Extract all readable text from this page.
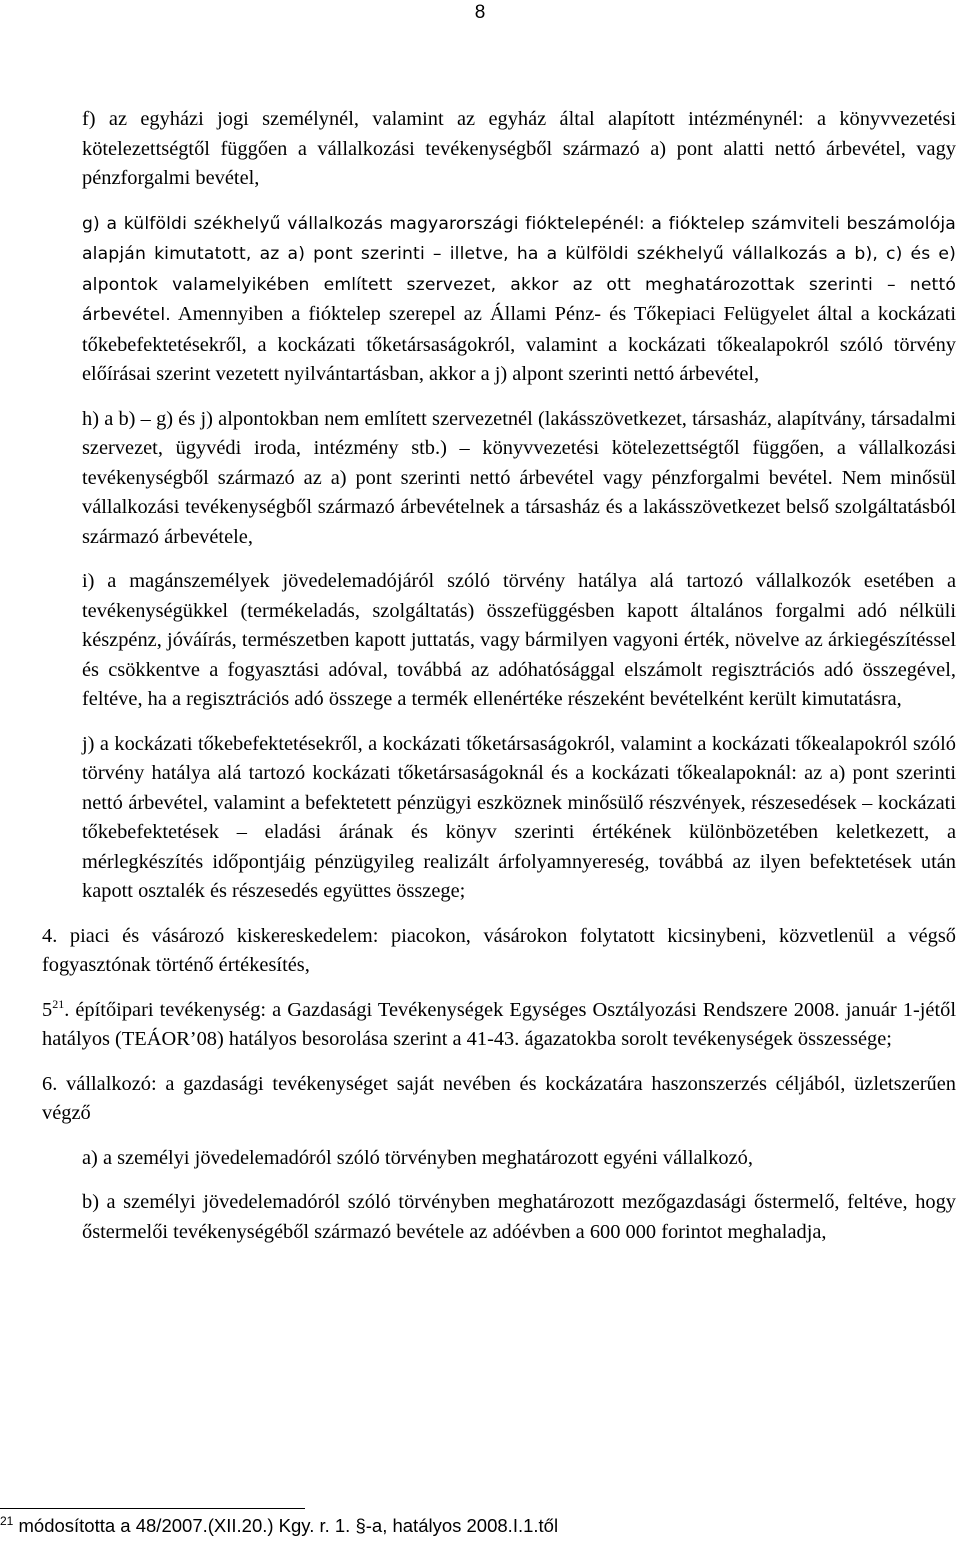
8

f) az egyházi jogi személynél, valamint az egyház által alapított intézménynél: a könyvvezetési kötelezettségtől függően a vállalkozási tevékenységből származó a) pont alatti nettó árbevétel, vagy pénzforgalmi bevétel,

g) a külföldi székhelyű vállalkozás magyarországi fióktelepénél: a fióktelep számviteli beszámolója alapján kimutatott, az a) pont szerinti – illetve, ha a külföldi székhelyű vállalkozás a b), c) és e) alpontok valamelyikében említett szervezet, akkor az ott meghatározottak szerinti – nettó árbevétel. Amennyiben a fióktelep szerepel az Állami Pénz- és Tőkepiaci Felügyelet által a kockázati tőkebefektetésekről, a kockázati tőketársaságokról, valamint a kockázati tőkealapokról szóló törvény előírásai szerint vezetett nyilvántartásban, akkor a j) alpont szerinti nettó árbevétel,

h) a b) – g) és j) alpontokban nem említett szervezetnél (lakásszövetkezet, társasház, alapítvány, társadalmi szervezet, ügyvédi iroda, intézmény stb.) – könyvvezetési kötelezettségtől függően, a vállalkozási tevékenységből származó az a) pont szerinti nettó árbevétel vagy pénzforgalmi bevétel. Nem minősül vállalkozási tevékenységből származó árbevételnek a társasház és a lakásszövetkezet belső szolgáltatásból származó árbevétele,

i) a magánszemélyek jövedelemadójáról szóló törvény hatálya alá tartozó vállalkozók esetében a tevékenységükkel (termékeladás, szolgáltatás) összefüggésben kapott általános forgalmi adó nélküli készpénz, jóváírás, természetben kapott juttatás, vagy bármilyen vagyoni érték, növelve az árkiegészítéssel és csökkentve a fogyasztási adóval, továbbá az adóhatósággal elszámolt regisztrációs adó összegével, feltéve, ha a regisztrációs adó összege a termék ellenértéke részeként bevételként került kimutatásra,

j) a kockázati tőkebefektetésekről, a kockázati tőketársaságokról, valamint a kockázati tőkealapokról szóló törvény hatálya alá tartozó kockázati tőketársaságoknál és a kockázati tőkealapoknál: az a) pont szerinti nettó árbevétel, valamint a befektetett pénzügyi eszköznek minősülő részvények, részesedések – kockázati tőkebefektetések – eladási árának és könyv szerinti értékének különbözetében keletkezett, a mérlegkészítés időpontjáig pénzügyileg realizált árfolyamnyereség, továbbá az ilyen befektetések után kapott osztalék és részesedés együttes összege;

4. piaci és vásározó kiskereskedelem: piacokon, vásárokon folytatott kicsinybeni, közvetlenül a végső fogyasztónak történő értékesítés,

$5^{21}$. építőipari tevékenység: a Gazdasági Tevékenységek Egységes Osztályozási Rendszere 2008. január 1-jétől hatályos (TEÁOR’08) hatályos besorolása szerint a 41-43. ágazatokba sorolt tevékenységek összessége;

6. vállalkozó: a gazdasági tevékenységet saját nevében és kockázatára haszonszerzés céljából, üzletszerűen végző

a) a személyi jövedelemadóról szóló törvényben meghatározott egyéni vállalkozó,

b) a személyi jövedelemadóról szóló törvényben meghatározott mezőgazdasági őstermelő, feltéve, hogy őstermelői tevékenységéből származó bevétele az adóévben a 600 000 forintot meghaladja,

$^{21}$ módosította a 48/2007.(XII.20.) Kgy. r. 1. §-a, hatályos 2008.I.1.től
